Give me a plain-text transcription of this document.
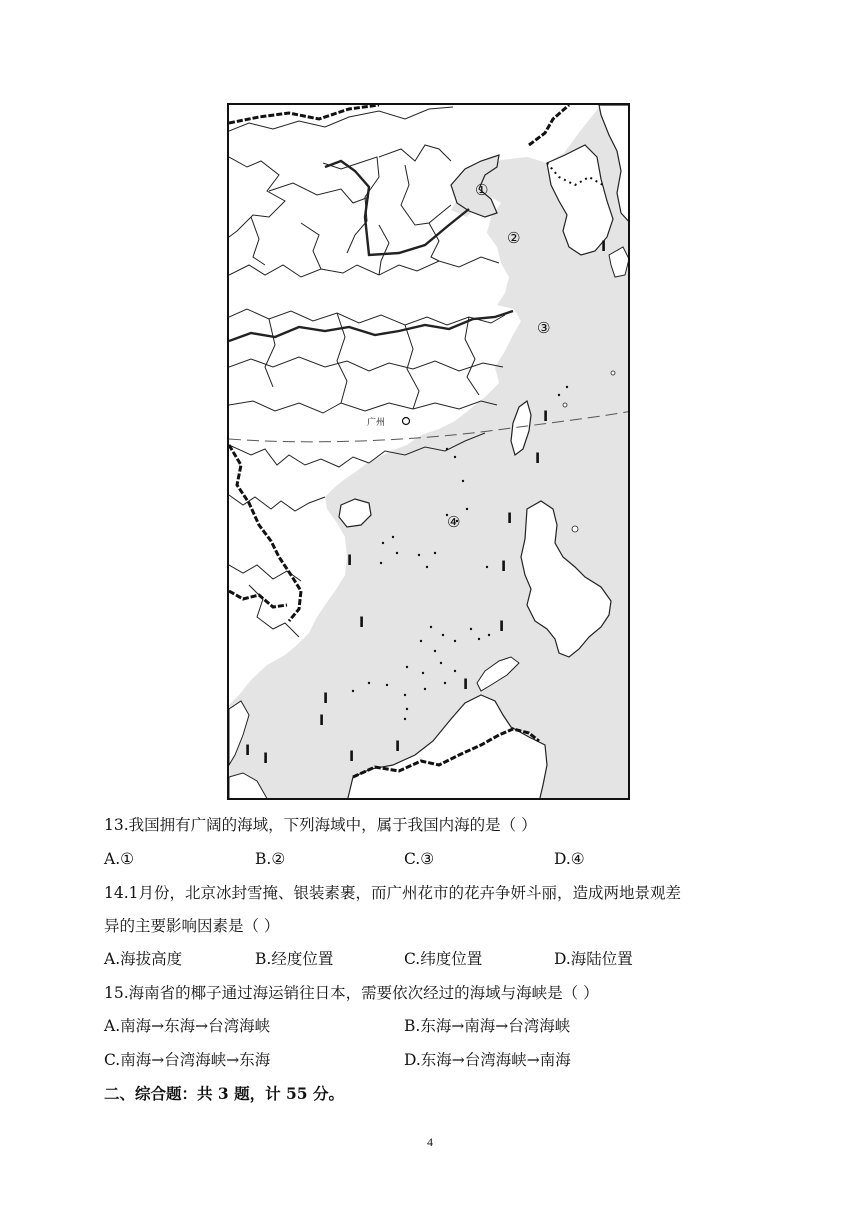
I
I
I
I
I
I
I
I
I
I
I
I	I
I
I
广州
①
②
③
④
13.我国拥有广阔的海域，下列海域中，属于我国内海的是（ ）
A.①	B.②	C.③	D.④
14.1月份，北京冰封雪掩、银装素裹，而广州花市的花卉争妍斗丽，造成两地景观差
异的主要影响因素是（ ）
A.海拔高度	B.经度位置	C.纬度位置	D.海陆位置
15.海南省的椰子通过海运销往日本，需要依次经过的海域与海峡是（ ）
A.南海→东海→台湾海峡	B.东海→南海→台湾海峡
C.南海→台湾海峡→东海	D.东海→台湾海峡→南海
二、综合题：共 3 题，计 55 分。
4
